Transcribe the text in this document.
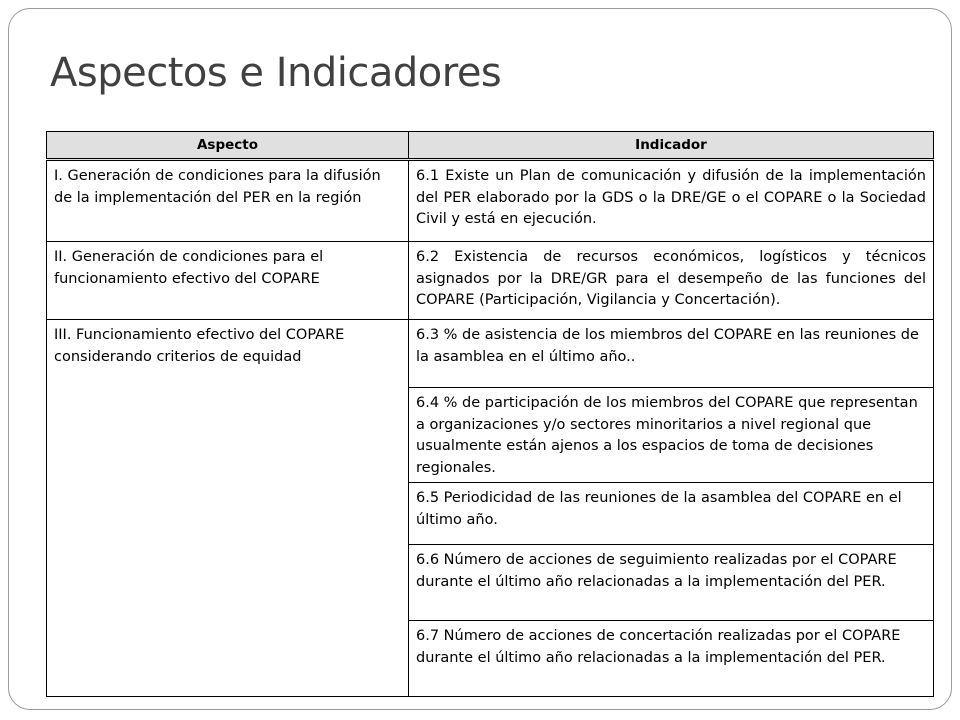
Aspectos e Indicadores
Aspecto	Indicador
I. Generación de condiciones para la difusión de la implementación del PER en la región	6.1 Existe un Plan de comunicación y difusión de la implementación del PER elaborado por la GDS o la DRE/GE o el COPARE o la Sociedad Civil y está en ejecución.
II. Generación de condiciones para el funcionamiento efectivo del COPARE	6.2 Existencia de recursos económicos, logísticos y técnicos asignados por la DRE/GR para el desempeño de las funciones del COPARE (Participación, Vigilancia y Concertación).
III. Funcionamiento efectivo del COPARE considerando criterios de equidad	6.3 % de asistencia de los miembros del COPARE en las reuniones de la asamblea en el último año..
	6.4 % de participación de los miembros del COPARE que representan a organizaciones y/o sectores minoritarios a nivel regional que usualmente están ajenos a los espacios de toma de decisiones regionales.
	6.5 Periodicidad de las reuniones de la asamblea del COPARE en el último año.
	6.6 Número de acciones de seguimiento realizadas por el COPARE durante el último año relacionadas a la implementación del PER.
	6.7 Número de acciones de concertación realizadas por el COPARE durante el último año relacionadas a la implementación del PER.
